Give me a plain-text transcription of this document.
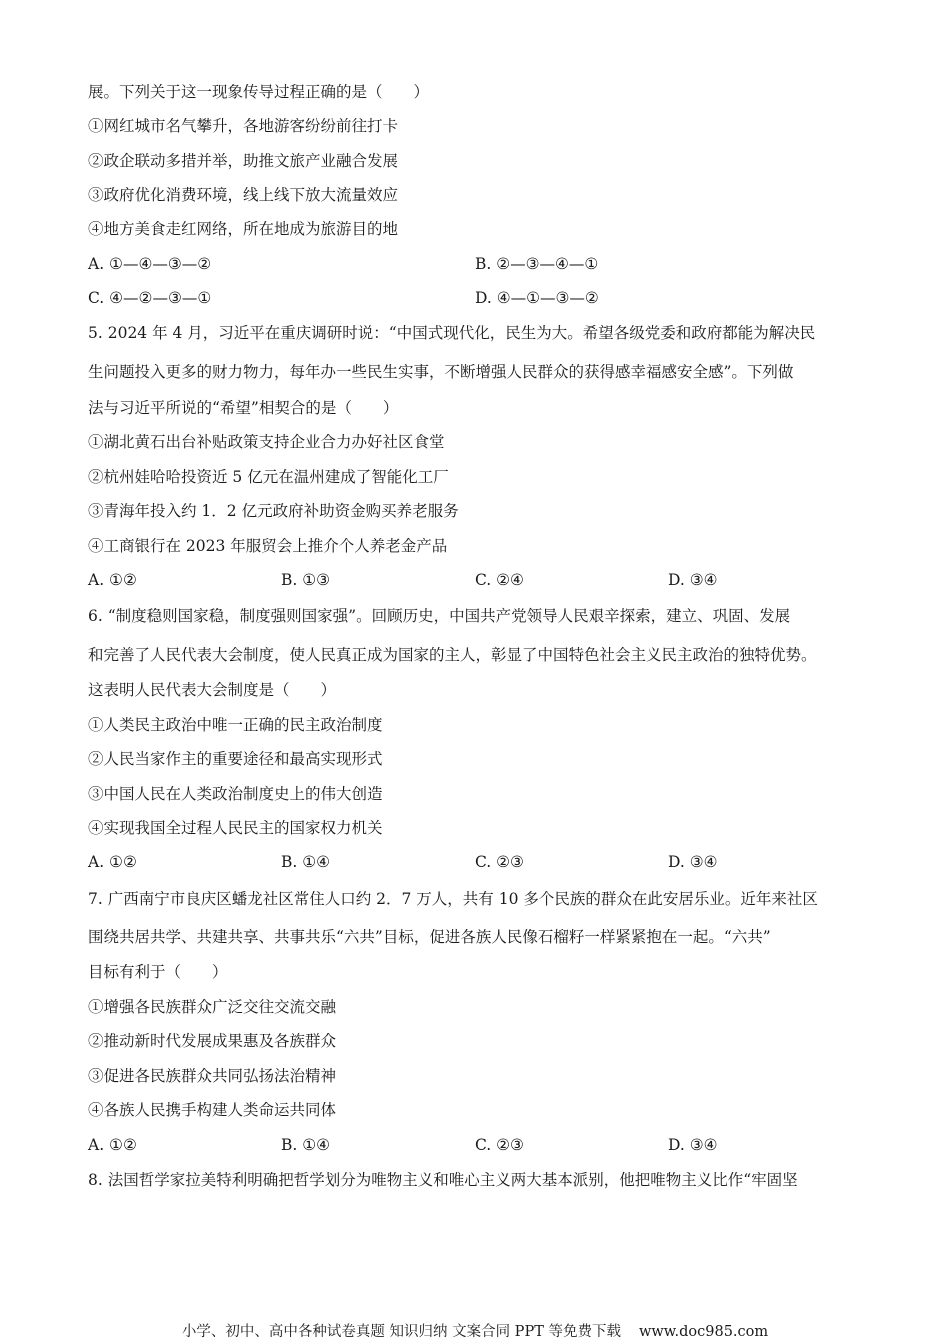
展。下列关于这一现象传导过程正确的是（　　）
①网红城市名气攀升，各地游客纷纷前往打卡
②政企联动多措并举，助推文旅产业融合发展
③政府优化消费环境，线上线下放大流量效应
④地方美食走红网络，所在地成为旅游目的地
A. ①—④—③—②	B. ②—③—④—①
C. ④—②—③—①	D. ④—①—③—②
5. 2024 年 4 月，习近平在重庆调研时说：“中国式现代化，民生为大。希望各级党委和政府都能为解决民
生问题投入更多的财力物力，每年办一些民生实事，不断增强人民群众的获得感幸福感安全感”。下列做
法与习近平所说的“希望”相契合的是（　　）
①湖北黄石出台补贴政策支持企业合力办好社区食堂
②杭州娃哈哈投资近 5 亿元在温州建成了智能化工厂
③青海年投入约 1．2 亿元政府补助资金购买养老服务
④工商银行在 2023 年服贸会上推介个人养老金产品
A. ①②	B. ①③	C. ②④	D. ③④
6. “制度稳则国家稳，制度强则国家强”。回顾历史，中国共产党领导人民艰辛探索，建立、巩固、发展
和完善了人民代表大会制度，使人民真正成为国家的主人，彰显了中国特色社会主义民主政治的独特优势。
这表明人民代表大会制度是（　　）
①人类民主政治中唯一正确的民主政治制度
②人民当家作主的重要途径和最高实现形式
③中国人民在人类政治制度史上的伟大创造
④实现我国全过程人民民主的国家权力机关
A. ①②	B. ①④	C. ②③	D. ③④
7. 广西南宁市良庆区蟠龙社区常住人口约 2．7 万人，共有 10 多个民族的群众在此安居乐业。近年来社区
围绕共居共学、共建共享、共事共乐“六共”目标，促进各族人民像石榴籽一样紧紧抱在一起。“六共”
目标有利于（　　）
①增强各民族群众广泛交往交流交融
②推动新时代发展成果惠及各族群众
③促进各民族群众共同弘扬法治精神
④各族人民携手构建人类命运共同体
A. ①②	B. ①④	C. ②③	D. ③④
8. 法国哲学家拉美特利明确把哲学划分为唯物主义和唯心主义两大基本派别，他把唯物主义比作“牢固坚
小学、初中、高中各种试卷真题 知识归纳 文案合同 PPT 等免费下载 www.doc985.com
